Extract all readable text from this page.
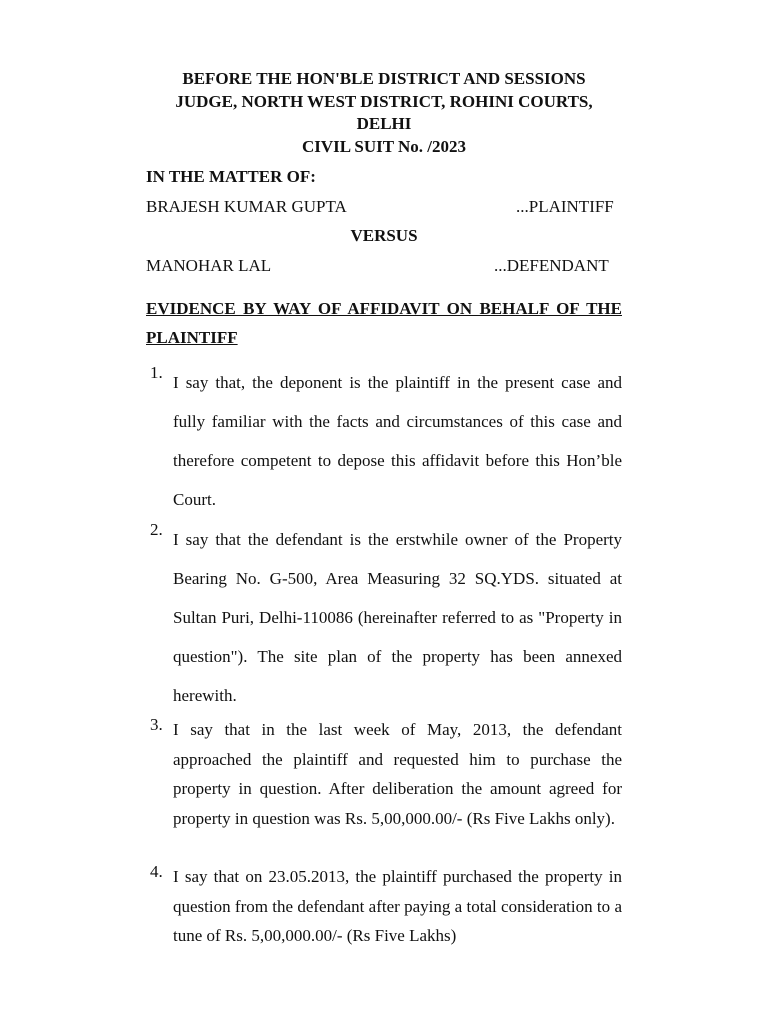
BEFORE THE HON'BLE DISTRICT AND SESSIONS
JUDGE, NORTH WEST DISTRICT, ROHINI COURTS,
DELHI
CIVIL SUIT No. /2023
IN THE MATTER OF:
BRAJESH KUMAR GUPTA	...PLAINTIFF
VERSUS
MANOHAR LAL	...DEFENDANT
EVIDENCE BY WAY OF AFFIDAVIT ON BEHALF OF THE PLAINTIFF
1.
I say that, the deponent is the plaintiff in the present case and fully familiar with the facts and circumstances of this case and therefore competent to depose this affidavit before this Hon’ble Court.
2.
I say that the defendant is the erstwhile owner of the Property Bearing No. G-500, Area Measuring 32 SQ.YDS. situated at Sultan Puri, Delhi-110086 (hereinafter referred to as "Property in question"). The site plan of the property has been annexed herewith.
3. I say that in the last week of May, 2013, the defendant approached the plaintiff and requested him to purchase the property in question. After deliberation the amount agreed for property in question was Rs. 5,00,000.00/- (Rs Five Lakhs only).
4. I say that on 23.05.2013, the plaintiff purchased the property in question from the defendant after paying a total consideration to a tune of Rs. 5,00,000.00/- (Rs Five Lakhs)
